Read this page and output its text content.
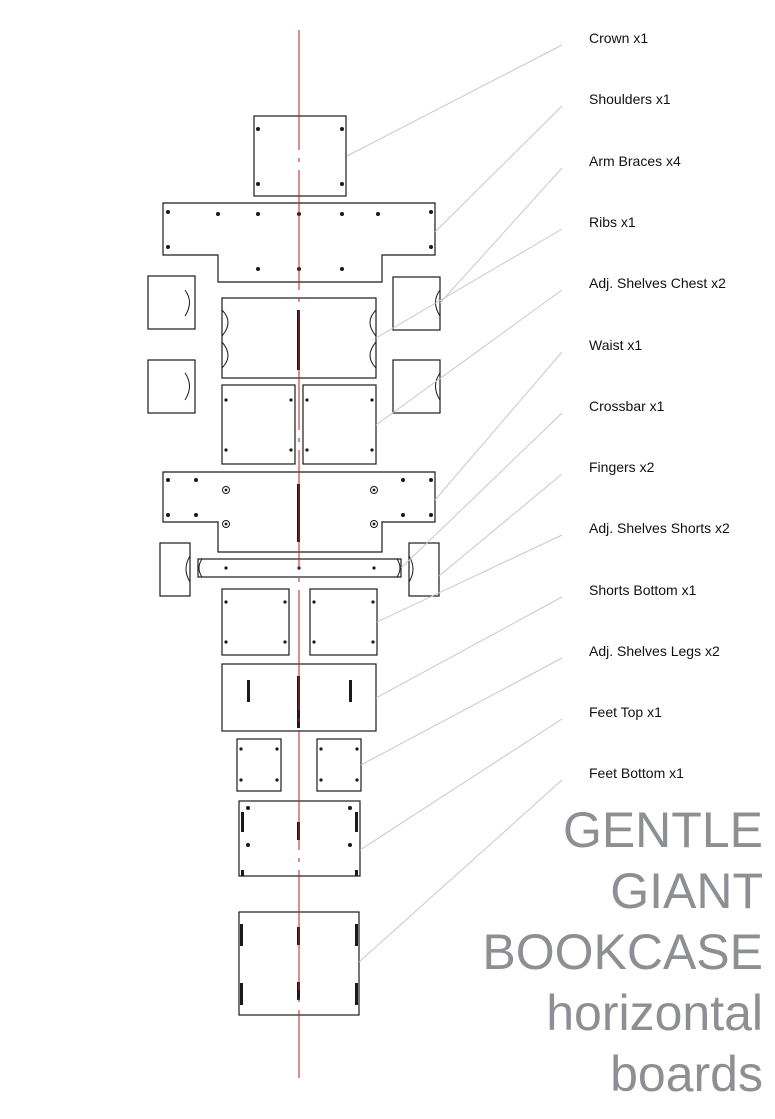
Crown x1
Shoulders x1
Arm Braces x4
Ribs x1
Adj. Shelves Chest x2
Waist x1
Crossbar x1
Fingers x2
Adj. Shelves Shorts x2
Shorts Bottom x1
Adj. Shelves Legs x2
Feet Top x1
Feet Bottom x1
GENTLE
GIANT
BOOKCASE
horizontal
boards
